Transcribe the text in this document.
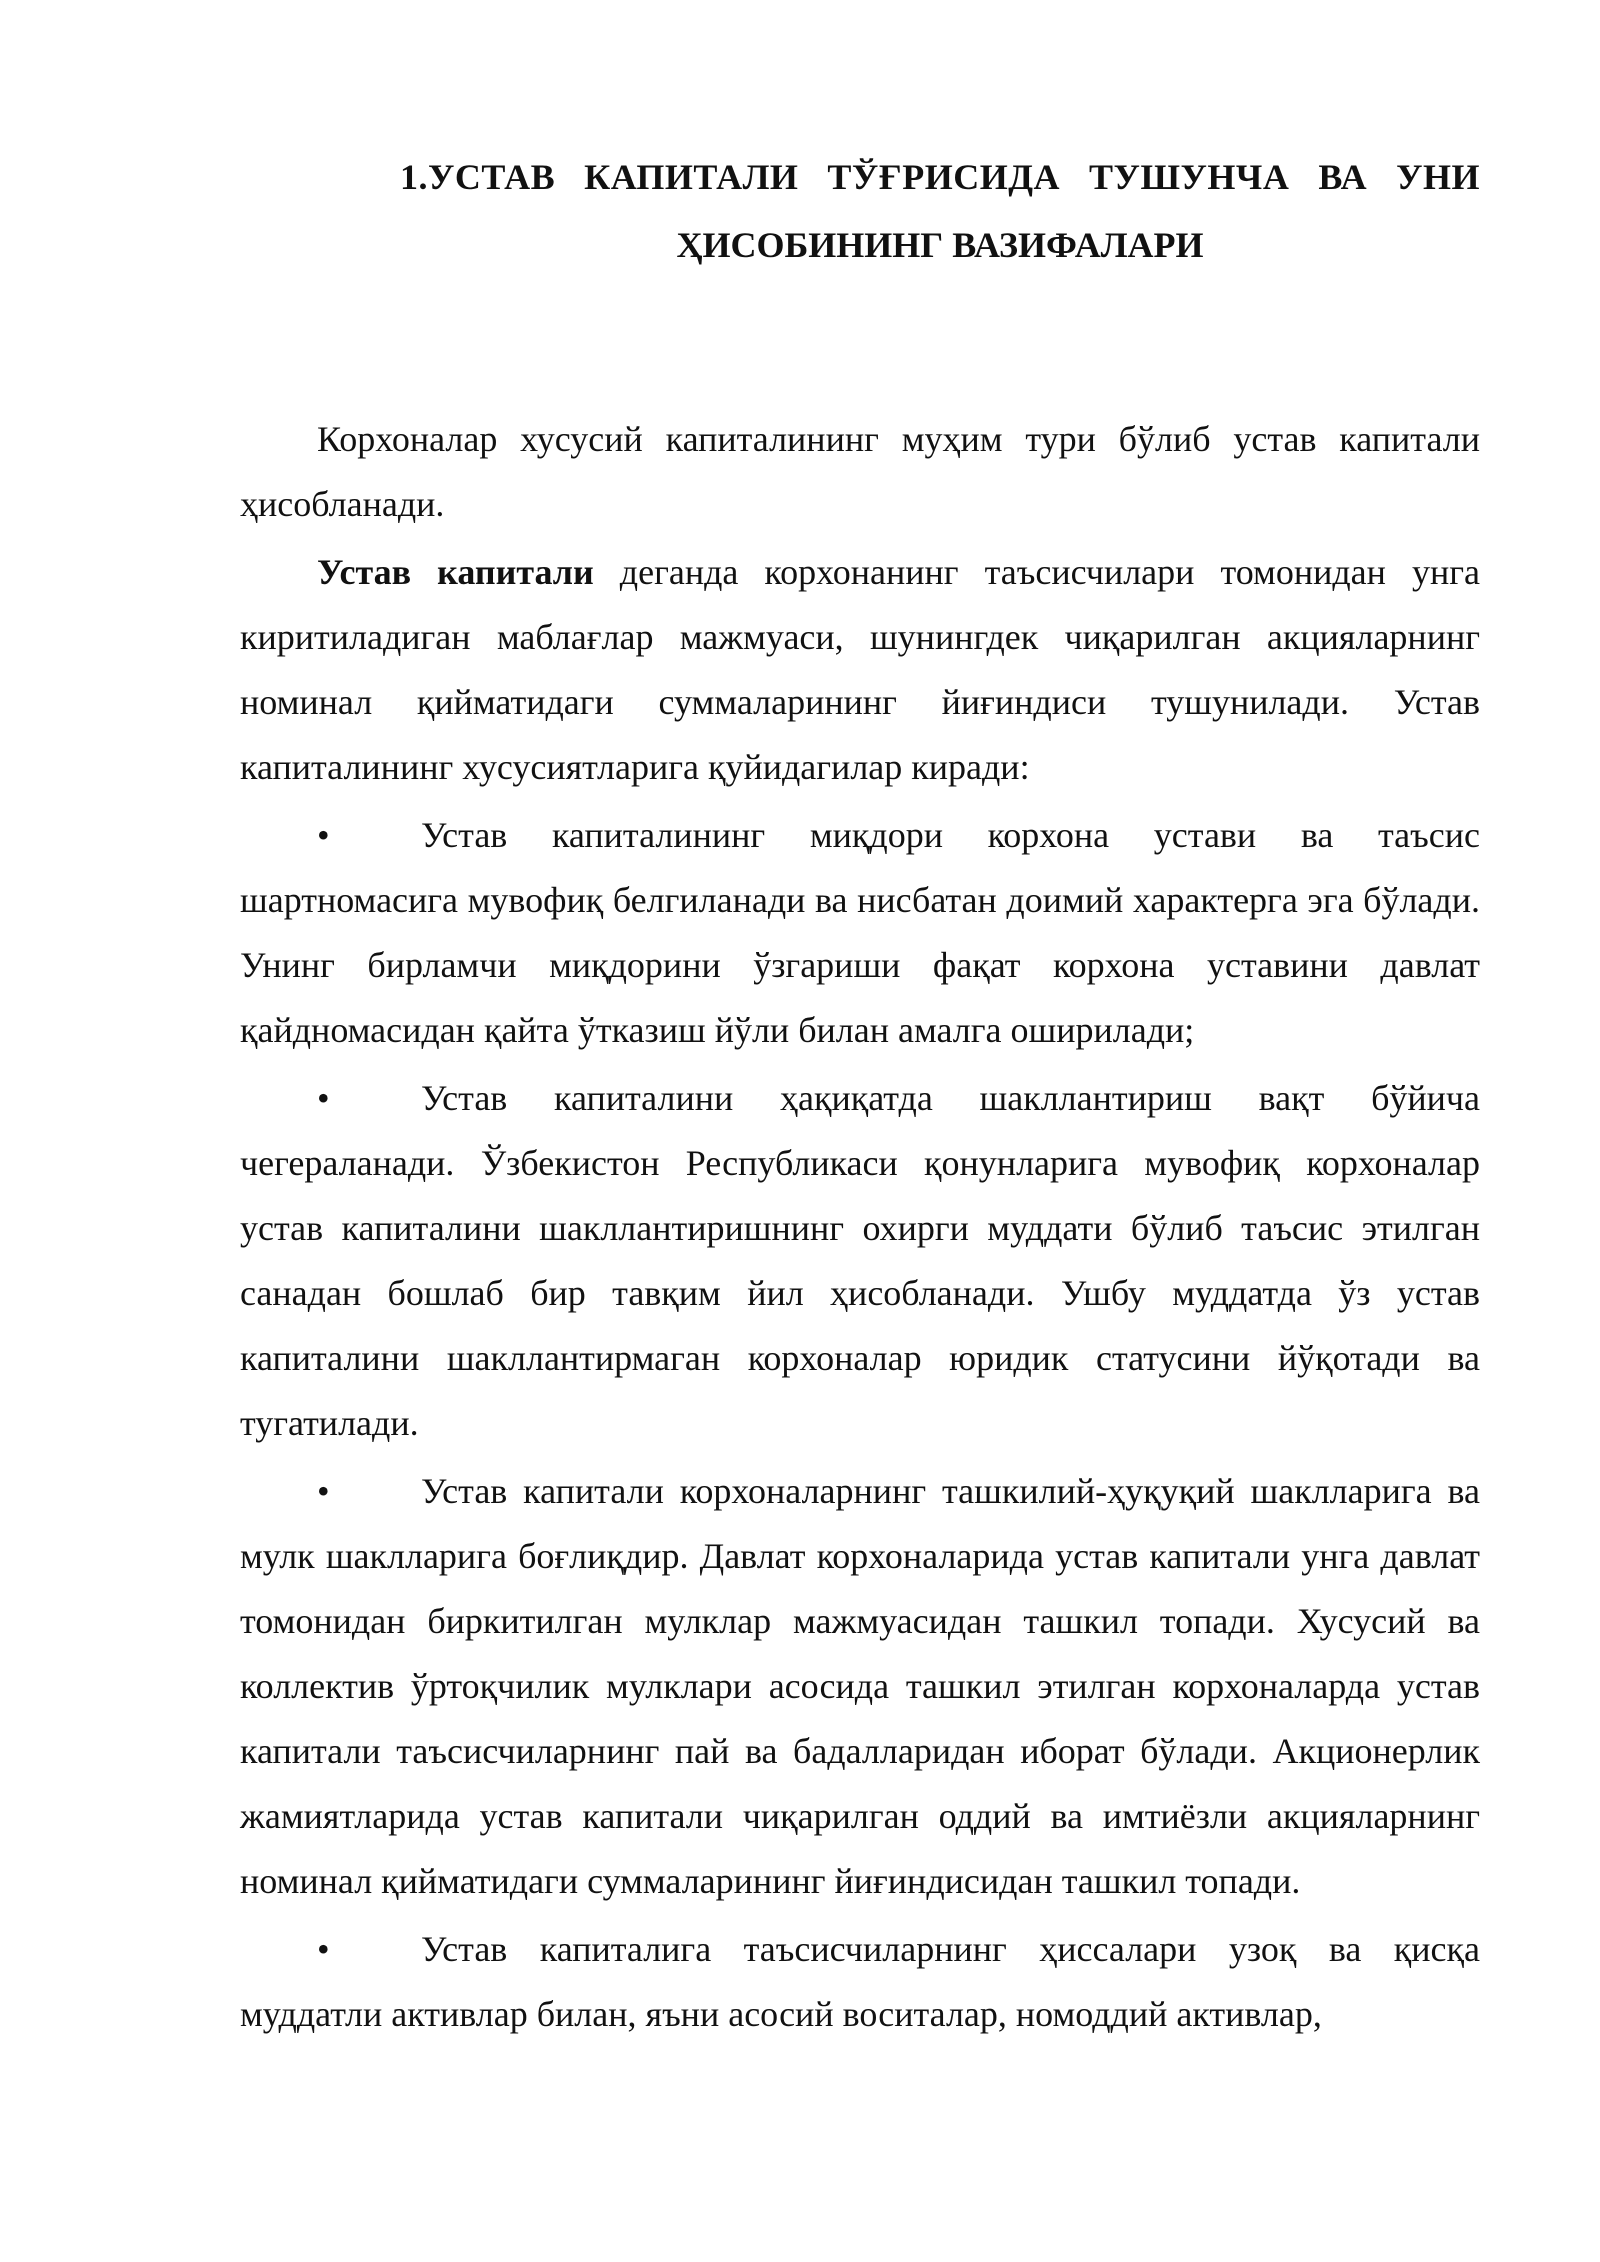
1.УСТАВ КАПИТАЛИ ТЎҒРИСИДА ТУШУНЧА ВА УНИ
ҲИСОБИНИНГ ВАЗИФАЛАРИ

Корхоналар хусусий капиталининг муҳим тури бўлиб устав капитали ҳисобланади.

Устав капитали деганда корхонанинг таъсисчилари томонидан унга киритиладиган маблағлар мажмуаси, шунингдек чиқарилган акцияларнинг номинал қийматидаги суммаларининг йиғиндиси тушунилади. Устав капиталининг хусусиятларига қуйидагилар киради:

•	Устав капиталининг миқдори корхона устави ва таъсис шартномасига мувофиқ белгиланади ва нисбатан доимий характерга эга бўлади. Унинг бирламчи миқдорини ўзгариши фақат корхона уставини давлат қайдномасидан қайта ўтказиш йўли билан амалга оширилади;

•	Устав капиталини ҳақиқатда шакллантириш вақт бўйича чегераланади. Ўзбекистон Республикаси қонунларига мувофиқ корхоналар устав капиталини шакллантиришнинг охирги муддати бўлиб таъсис этилган санадан бошлаб бир тавқим йил ҳисобланади. Ушбу муддатда ўз устав капиталини шакллантирмаган корхоналар юридик статусини йўқотади ва тугатилади.

•	Устав капитали корхоналарнинг ташкилий-ҳуқуқий шаклларига ва мулк шаклларига боғлиқдир. Давлат корхоналарида устав капитали унга давлат томонидан биркитилган мулклар мажмуасидан ташкил топади. Хусусий ва коллектив ўртоқчилик мулклари асосида ташкил этилган корхоналарда устав капитали таъсисчиларнинг пай ва бадалларидан иборат бўлади. Акционерлик жамиятларида устав капитали чиқарилган оддий ва имтиёзли акцияларнинг номинал қийматидаги суммаларининг йиғиндисидан ташкил топади.

•	Устав капиталига таъсисчиларнинг ҳиссалари узоқ ва қисқа муддатли активлар билан, яъни асосий воситалар, номоддий активлар,
